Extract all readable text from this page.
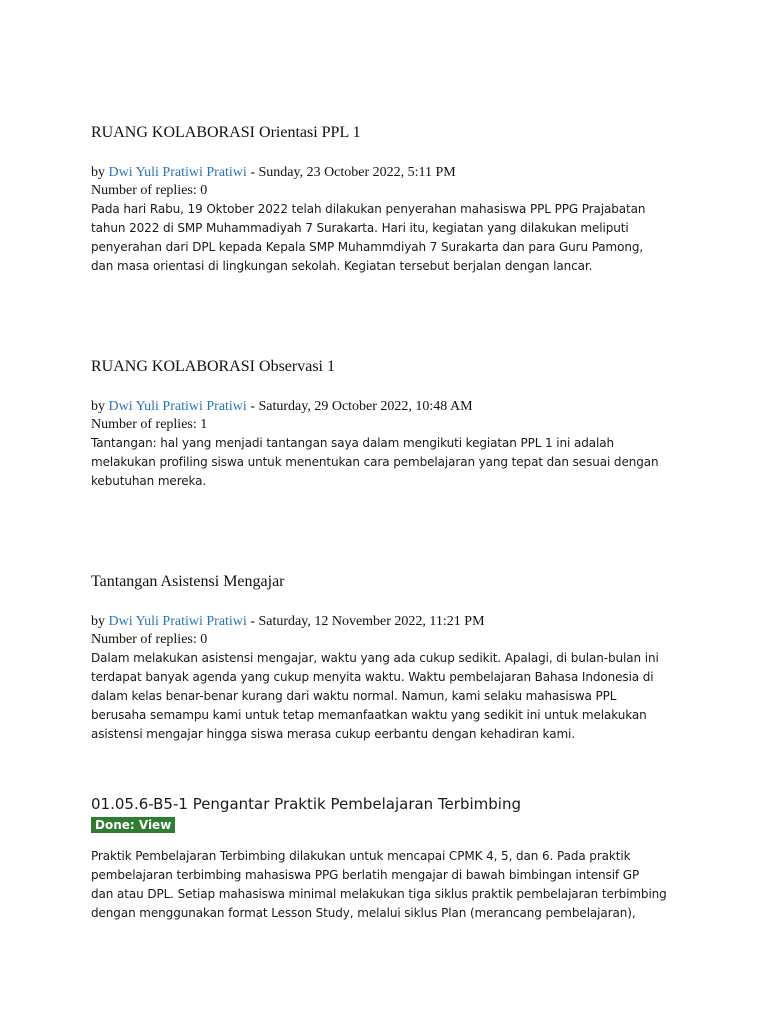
RUANG KOLABORASI Orientasi PPL 1
by Dwi Yuli Pratiwi Pratiwi - Sunday, 23 October 2022, 5:11 PM
Number of replies: 0
Pada hari Rabu, 19 Oktober 2022 telah dilakukan penyerahan mahasiswa PPL PPG Prajabatan
tahun 2022 di SMP Muhammadiyah 7 Surakarta. Hari itu, kegiatan yang dilakukan meliputi
penyerahan dari DPL kepada Kepala SMP Muhammdiyah 7 Surakarta dan para Guru Pamong,
dan masa orientasi di lingkungan sekolah. Kegiatan tersebut berjalan dengan lancar.
RUANG KOLABORASI Observasi 1
by Dwi Yuli Pratiwi Pratiwi - Saturday, 29 October 2022, 10:48 AM
Number of replies: 1
Tantangan: hal yang menjadi tantangan saya dalam mengikuti kegiatan PPL 1 ini adalah
melakukan profiling siswa untuk menentukan cara pembelajaran yang tepat dan sesuai dengan
kebutuhan mereka.
Tantangan Asistensi Mengajar
by Dwi Yuli Pratiwi Pratiwi - Saturday, 12 November 2022, 11:21 PM
Number of replies: 0
Dalam melakukan asistensi mengajar, waktu yang ada cukup sedikit. Apalagi, di bulan-bulan ini
terdapat banyak agenda yang cukup menyita waktu. Waktu pembelajaran Bahasa Indonesia di
dalam kelas benar-benar kurang dari waktu normal. Namun, kami selaku mahasiswa PPL
berusaha semampu kami untuk tetap memanfaatkan waktu yang sedikit ini untuk melakukan
asistensi mengajar hingga siswa merasa cukup eerbantu dengan kehadiran kami.
01.05.6-B5-1 Pengantar Praktik Pembelajaran Terbimbing
Done: View
Praktik Pembelajaran Terbimbing dilakukan untuk mencapai CPMK 4, 5, dan 6. Pada praktik
pembelajaran terbimbing mahasiswa PPG berlatih mengajar di bawah bimbingan intensif GP
dan atau DPL. Setiap mahasiswa minimal melakukan tiga siklus praktik pembelajaran terbimbing
dengan menggunakan format Lesson Study, melalui siklus Plan (merancang pembelajaran),
